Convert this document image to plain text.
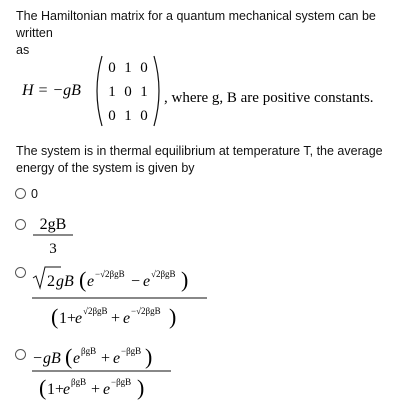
The Hamiltonian matrix for a quantum mechanical system can be written
as
H = −gB
0 1 0
1 0 1
0 1 0
, where g, B are positive constants.
The system is in thermal equilibrium at temperature T, the average
energy of the system is given by
0
2gB
3
2 gB ( e −√2βgB − e √2βgB )
( 1+
e √2βgB + e −√2βgB )
− gB ( e βgB + e −βgB )
( 1+
e βgB + e −βgB )
